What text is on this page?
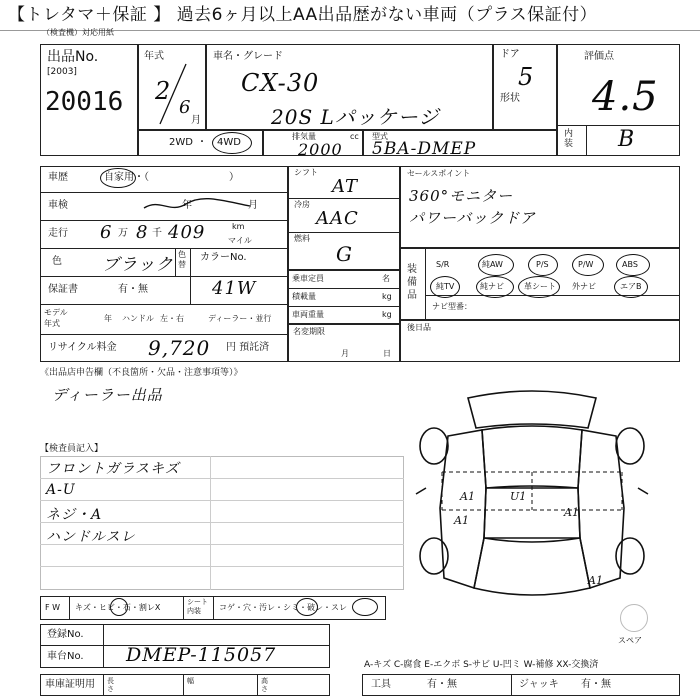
【トレタマ＋保証 】 過去6ヶ月以上AA出品歴がない車両（プラス保証付）
（検査機）対応用紙
出品No.
[2003]
20016
年式
2
6
月
車名・グレード
CX-30
20S Lパッケージ
ドア
5
形状
評価点
4.5
内装 B
2WD ・ 4WD
排気量	cc
2000
型式
5BA-DMEP
車歴	自家用・（　　　　　　　　）
車検	年	月
走行 6 万 8 千 409	km
マイル
色 ブラック
色替
カラーNo.
保証書	有・無	41W
モデル
年式
年 ハンドル 左・右	ディーラー・並行
リサイクル料金 9,720 円 預託済
シフト
AT
冷房
AAC
燃料
G
乗車定員	名
積載量	kg
車両重量	kg
名変期限
月	日
セールスポイント
360°モニター
パワーバックドア
装備品
S/R	純AW	P/S	P/W	ABS
純TV	純ナビ	革シート 外ナビ	エアB
ナビ型番：
後日品
《出品店申告欄（不良箇所・欠品・注意事項等）》
ディーラー出品
【検査員記入】
フロントガラスキズ
A-U
ネジ・A
ハンドルスレ
A1
A1
U1
A1
A1
スペア
F W キズ・ヒビ・石・割レX
シート内装	コゲ・穴・汚レ・シミ・破レ・スレ
登録No.
車台No. DMEP-115057	A-キズ C-腐食 E-エクボ S-サビ U-凹ミ W-補修 XX-交換済
車庫証明用 長さ
幅	高さ	工具	有・無	ジャッキ 有・無
